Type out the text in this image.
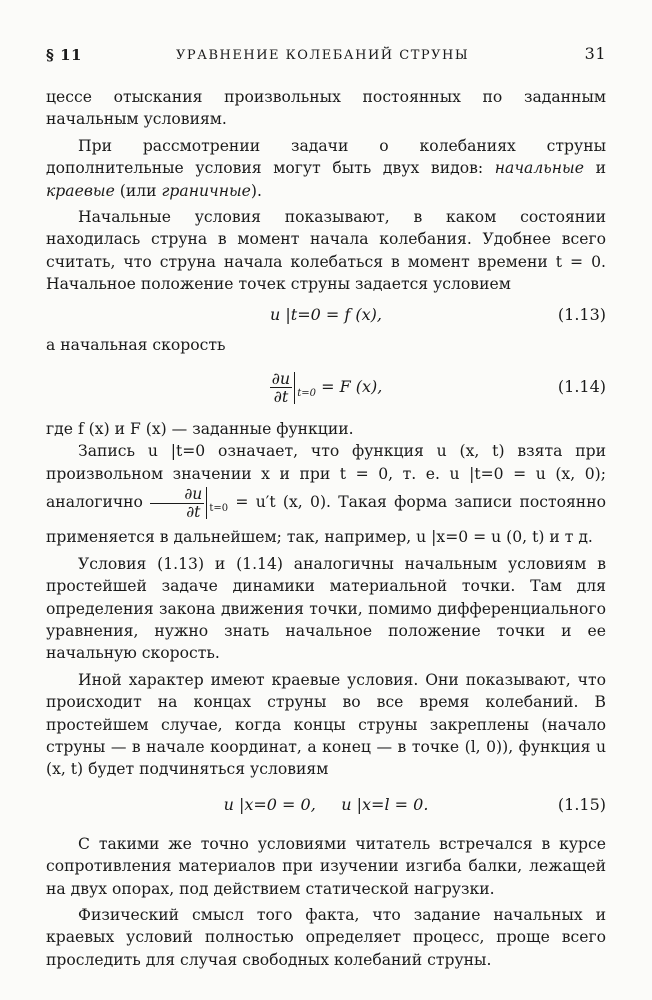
§ 11	УРАВНЕНИЕ КОЛЕБАНИЙ СТРУНЫ	31

цессе отыскания произвольных постоянных по заданным начальным условиям.

При рассмотрении задачи о колебаниях струны дополнительные условия могут быть двух видов: начальные и краевые (или граничные).

Начальные условия показывают, в каком состоянии находилась струна в момент начала колебания. Удобнее всего считать, что струна начала колебаться в момент времени t = 0. Начальное положение точек струны задается условием

u |t=0 = f (x),	(1.13)

а начальная скорость

$\frac{\partial u}{\partial t} _{t=0} = F$ (x),	(1.14)

где f (x) и F (x) — заданные функции.

Запись u |t=0 означает, что функция u (x, t) взята при произвольном значении x и при t = 0, т. е. u |t=0 = u (x, 0); аналогично $\frac{\partial u}{\partial t} _{t=0} = u't$ (x, 0). Такая форма записи постоянно применяется в дальнейшем; так, например, u |x=0 = u (0, t) и т д.

Условия (1.13) и (1.14) аналогичны начальным условиям в простейшей задаче динамики материальной точки. Там для определения закона движения точки, помимо дифференциального уравнения, нужно знать начальное положение точки и ее начальную скорость.

Иной характер имеют краевые условия. Они показывают, что происходит на концах струны во все время колебаний. В простейшем случае, когда концы струны закреплены (начало струны — в начале координат, а конец — в точке (l, 0)), функция u (x, t) будет подчиняться условиям

u |x=0 = 0,     u |x=l = 0.	(1.15)

С такими же точно условиями читатель встречался в курсе сопротивления материалов при изучении изгиба балки, лежащей на двух опорах, под действием статической нагрузки.

Физический смысл того факта, что задание начальных и краевых условий полностью определяет процесс, проще всего проследить для случая свободных колебаний струны.
